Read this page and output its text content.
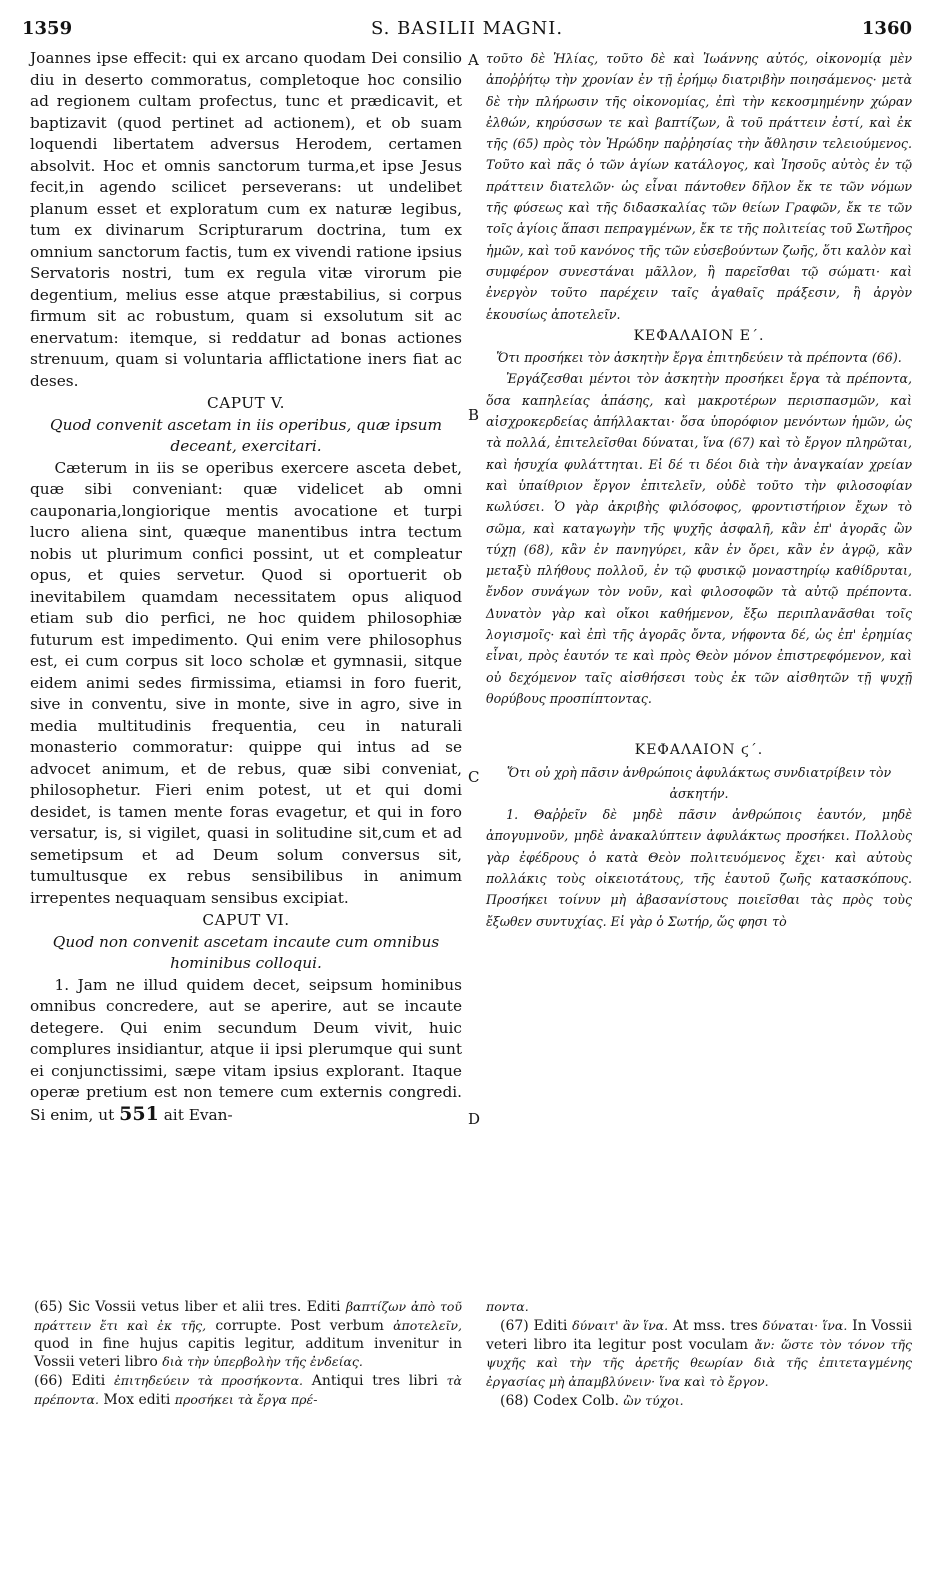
1359	S. BASILII MAGNI.	1360
A
B
C
D

Joannes ipse effecit: qui ex arcano quodam Dei consilio diu in deserto commoratus, completoque hoc consilio ad regionem cultam profectus, tunc et prædicavit, et baptizavit (quod pertinet ad actionem), et ob suam loquendi libertatem adversus Herodem, certamen absolvit. Hoc et omnis sanctorum turma,et ipse Jesus fecit,in agendo scilicet perseverans: ut undelibet planum esset et exploratum cum ex naturæ legibus, tum ex divinarum Scripturarum doctrina, tum ex omnium sanctorum factis, tum ex vivendi ratione ipsius Servatoris nostri, tum ex regula vitæ virorum pie degentium, melius esse atque præstabilius, si corpus firmum sit ac robustum, quam si exsolutum sit ac enervatum: itemque, si reddatur ad bonas actiones strenuum, quam si voluntaria afflictatione iners fiat ac deses.

CAPUT V.

Quod convenit ascetam in iis operibus, quæ ipsum deceant, exercitari.

Cæterum in iis se operibus exercere asceta debet, quæ sibi conveniant: quæ videlicet ab omni cauponaria,longiorique mentis avocatione et turpi lucro aliena sint, quæque manentibus intra tectum nobis ut plurimum confici possint, ut et compleatur opus, et quies servetur. Quod si oportuerit ob inevitabilem quamdam necessitatem opus aliquod etiam sub dio perfici, ne hoc quidem philosophiæ futurum est impedimento. Qui enim vere philosophus est, ei cum corpus sit loco scholæ et gymnasii, sitque eidem animi sedes firmissima, etiamsi in foro fuerit, sive in conventu, sive in monte, sive in agro, sive in media multitudinis frequentia, ceu in naturali monasterio commoratur: quippe qui intus ad se advocet animum, et de rebus, quæ sibi conveniat, philosophetur. Fieri enim potest, ut et qui domi desidet, is tamen mente foras evagetur, et qui in foro versatur, is, si vigilet, quasi in solitudine sit,cum et ad semetipsum et ad Deum solum conversus sit, tumultusque ex rebus sensibilibus in animum irrepentes nequaquam sensibus excipiat.

CAPUT VI.

Quod non convenit ascetam incaute cum omnibus hominibus colloqui.

1. Jam ne illud quidem decet, seipsum hominibus omnibus concredere, aut se aperire, aut se incaute detegere. Qui enim secundum Deum vivit, huic complures insidiantur, atque ii ipsi plerumque qui sunt ei conjunctissimi, sæpe vitam ipsius explorant. Itaque operæ pretium est non temere cum externis congredi. Si enim, ut 551 ait Evan-

τοῦτο δὲ Ἡλίας, τοῦτο δὲ καὶ Ἰωάννης αὐτός, οἰκονομίᾳ μὲν ἀποῤῥήτῳ τὴν χρονίαν ἐν τῇ ἐρήμῳ διατριβὴν ποιησάμενος· μετὰ δὲ τὴν πλήρωσιν τῆς οἰκονομίας, ἐπὶ τὴν κεκοσμημένην χώραν ἐλθών, κηρύσσων τε καὶ βαπτίζων, ἃ τοῦ πράττειν ἐστί, καὶ ἐκ τῆς (65) πρὸς τὸν Ἡρώδην παῤῥησίας τὴν ἄθλησιν τελειούμενος. Τοῦτο καὶ πᾶς ὁ τῶν ἁγίων κατάλογος, καὶ Ἰησοῦς αὐτὸς ἐν τῷ πράττειν διατελῶν· ὡς εἶναι πάντοθεν δῆλον ἔκ τε τῶν νόμων τῆς φύσεως καὶ τῆς διδασκαλίας τῶν θείων Γραφῶν, ἔκ τε τῶν τοῖς ἁγίοις ἅπασι πεπραγμένων, ἔκ τε τῆς πολιτείας τοῦ Σωτῆρος ἡμῶν, καὶ τοῦ κανόνος τῆς τῶν εὐσεβούντων ζωῆς, ὅτι καλὸν καὶ συμφέρον συνεστάναι μᾶλλον, ἢ παρεῖσθαι τῷ σώματι· καὶ ἐνεργὸν τοῦτο παρέχειν ταῖς ἀγαθαῖς πράξεσιν, ἢ ἀργὸν ἑκουσίως ἀποτελεῖν.

ΚΕΦΑΛΑΙΟΝ Ε΄.

Ὅτι προσήκει τὸν ἀσκητὴν ἔργα ἐπιτηδεύειν τὰ πρέποντα (66).

Ἐργάζεσθαι μέντοι τὸν ἀσκητὴν προσήκει ἔργα τὰ πρέποντα, ὅσα καπηλείας ἁπάσης, καὶ μακροτέρων περισπασμῶν, καὶ αἰσχροκερδείας ἀπήλλακται· ὅσα ὑπορόφιον μενόντων ἡμῶν, ὡς τὰ πολλά, ἐπιτελεῖσθαι δύναται, ἵνα (67) καὶ τὸ ἔργον πληρῶται, καὶ ἡσυχία φυλάττηται. Εἰ δέ τι δέοι διὰ τὴν ἀναγκαίαν χρείαν καὶ ὑπαίθριον ἔργον ἐπιτελεῖν, οὐδὲ τοῦτο τὴν φιλοσοφίαν κωλύσει. Ὁ γὰρ ἀκριβὴς φιλόσοφος, φροντιστήριον ἔχων τὸ σῶμα, καὶ καταγωγὴν τῆς ψυχῆς ἀσφαλῆ, κἂν ἐπ' ἀγορᾶς ὢν τύχῃ (68), κἂν ἐν πανηγύρει, κἂν ἐν ὄρει, κἂν ἐν ἀγρῷ, κἂν μεταξὺ πλήθους πολλοῦ, ἐν τῷ φυσικῷ μοναστηρίῳ καθίδρυται, ἔνδον συνάγων τὸν νοῦν, καὶ φιλοσοφῶν τὰ αὐτῷ πρέποντα. Δυνατὸν γὰρ καὶ οἴκοι καθήμενον, ἔξω περιπλανᾶσθαι τοῖς λογισμοῖς· καὶ ἐπὶ τῆς ἀγορᾶς ὄντα, νήφοντα δέ, ὡς ἐπ' ἐρημίας εἶναι, πρὸς ἑαυτόν τε καὶ πρὸς Θεὸν μόνον ἐπιστρεφόμενον, καὶ οὐ δεχόμενον ταῖς αἰσθήσεσι τοὺς ἐκ τῶν αἰσθητῶν τῇ ψυχῇ θορύβους προσπίπτοντας.

ΚΕΦΑΛΑΙΟΝ ϛ΄.

Ὅτι οὐ χρὴ πᾶσιν ἀνθρώποις ἀφυλάκτως συνδιατρίβειν τὸν ἀσκητήν.

1. Θαῤῥεῖν δὲ μηδὲ πᾶσιν ἀνθρώποις ἑαυτόν, μηδὲ ἀπογυμνοῦν, μηδὲ ἀνακαλύπτειν ἀφυλάκτως προσήκει. Πολλοὺς γὰρ ἐφέδρους ὁ κατὰ Θεὸν πολιτευόμενος ἔχει· καὶ αὐτοὺς πολλάκις τοὺς οἰκειοτάτους, τῆς ἑαυτοῦ ζωῆς κατασκόπους. Προσήκει τοίνυν μὴ ἀβασανίστους ποιεῖσθαι τὰς πρὸς τοὺς ἔξωθεν συντυχίας. Εἰ γὰρ ὁ Σωτήρ, ὥς φησι τὸ

(65) Sic Vossii vetus liber et alii tres. Editi βαπτίζων ἀπὸ τοῦ πράττειν ἔτι καὶ ἐκ τῆς, corrupte. Post verbum ἀποτελεῖν, quod in fine hujus capitis legitur, additum invenitur in Vossii veteri libro διὰ τὴν ὑπερβολὴν τῆς ἐνδείας.

(66) Editi ἐπιτηδεύειν τὰ προσήκοντα. Antiqui tres libri τὰ πρέποντα. Mox editi προσήκει τὰ ἔργα πρέ-

ποντα.

(67) Editi δύναιτ' ἂν ἵνα. At mss. tres δύναται· ἵνα. In Vossii veteri libro ita legitur post voculam ἄν: ὥστε τὸν τόνον τῆς ψυχῆς καὶ τὴν τῆς ἀρετῆς θεωρίαν διὰ τῆς ἐπιτεταγμένης ἐργασίας μὴ ἀπαμβλύνειν· ἵνα καὶ τὸ ἔργον.

(68) Codex Colb. ὢν τύχοι.
